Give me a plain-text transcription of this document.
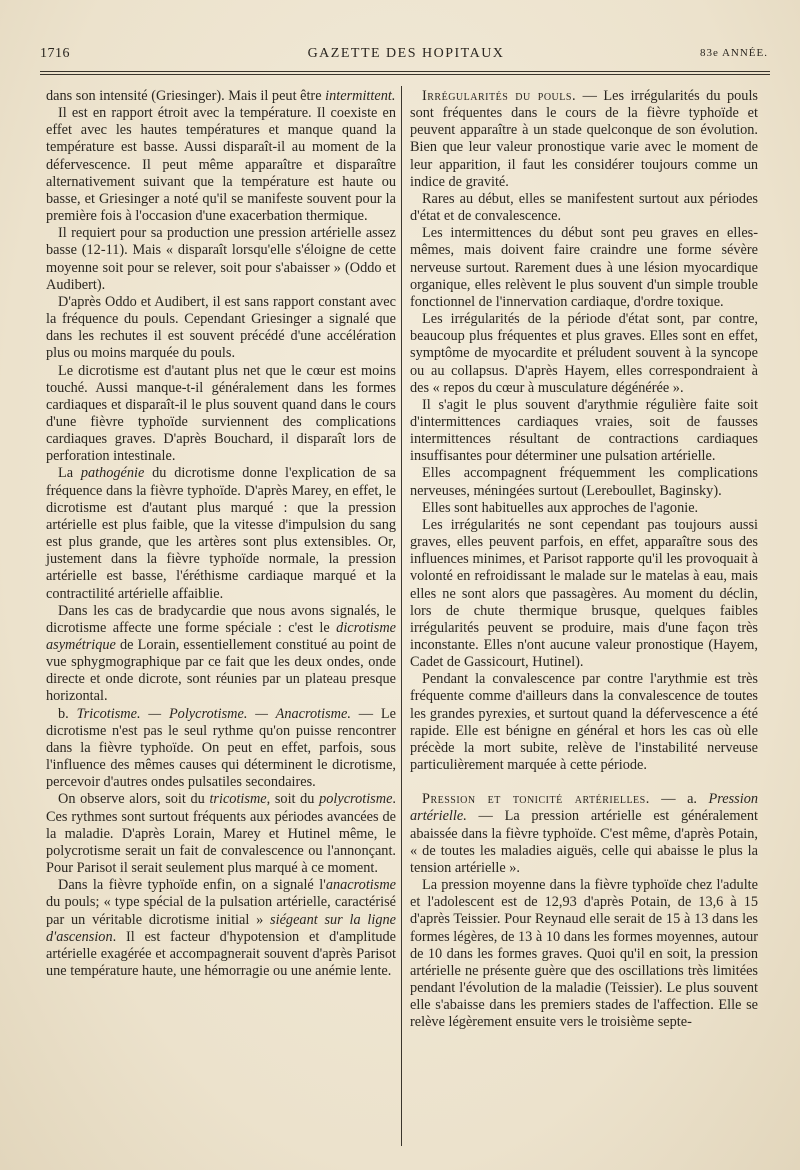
1716	GAZETTE DES HOPITAUX	83e ANNÉE.

dans son intensité (Griesinger). Mais il peut être intermittent.

Il est en rapport étroit avec la température. Il coexiste en effet avec les hautes températures et manque quand la température est basse. Aussi disparaît-il au moment de la défervescence. Il peut même apparaître et disparaître alternativement suivant que la température est haute ou basse, et Griesinger a noté qu'il se manifeste souvent pour la première fois à l'occasion d'une exacerbation thermique.

Il requiert pour sa production une pression artérielle assez basse (12-11). Mais « disparaît lorsqu'elle s'éloigne de cette moyenne soit pour se relever, soit pour s'abaisser » (Oddo et Audibert).

D'après Oddo et Audibert, il est sans rapport constant avec la fréquence du pouls. Cependant Griesinger a signalé que dans les rechutes il est souvent précédé d'une accélération plus ou moins marquée du pouls.

Le dicrotisme est d'autant plus net que le cœur est moins touché. Aussi manque-t-il généralement dans les formes cardiaques et disparaît-il le plus souvent quand dans le cours d'une fièvre typhoïde surviennent des complications cardiaques graves. D'après Bouchard, il disparaît lors de perforation intestinale.

La pathogénie du dicrotisme donne l'explication de sa fréquence dans la fièvre typhoïde. D'après Marey, en effet, le dicrotisme est d'autant plus marqué : que la pression artérielle est plus faible, que la vitesse d'impulsion du sang est plus grande, que les artères sont plus extensibles. Or, justement dans la fièvre typhoïde normale, la pression artérielle est basse, l'éréthisme cardiaque marqué et la contractilité artérielle affaiblie.

Dans les cas de bradycardie que nous avons signalés, le dicrotisme affecte une forme spéciale : c'est le dicrotisme asymétrique de Lorain, essentiellement constitué au point de vue sphygmographique par ce fait que les deux ondes, onde directe et onde dicrote, sont réunies par un plateau presque horizontal.

b. Tricotisme. — Polycrotisme. — Anacrotisme. — Le dicrotisme n'est pas le seul rythme qu'on puisse rencontrer dans la fièvre typhoïde. On peut en effet, parfois, sous l'influence des mêmes causes qui déterminent le dicrotisme, percevoir d'autres ondes pulsatiles secondaires.

On observe alors, soit du tricotisme, soit du polycrotisme. Ces rythmes sont surtout fréquents aux périodes avancées de la maladie. D'après Lorain, Marey et Hutinel même, le polycrotisme serait un fait de convalescence ou l'annonçant. Pour Parisot il serait seulement plus marqué à ce moment.

Dans la fièvre typhoïde enfin, on a signalé l'anacrotisme du pouls; « type spécial de la pulsation artérielle, caractérisé par un véritable dicrotisme initial » siégeant sur la ligne d'ascension. Il est facteur d'hypotension et d'amplitude artérielle exagérée et accompagnerait souvent d'après Parisot une température haute, une hémorragie ou une anémie lente.

Irrégularités du pouls. — Les irrégularités du pouls sont fréquentes dans le cours de la fièvre typhoïde et peuvent apparaître à un stade quelconque de son évolution. Bien que leur valeur pronostique varie avec le moment de leur apparition, il faut les considérer toujours comme un indice de gravité.

Rares au début, elles se manifestent surtout aux périodes d'état et de convalescence.

Les intermittences du début sont peu graves en elles-mêmes, mais doivent faire craindre une forme sévère nerveuse surtout. Rarement dues à une lésion myocardique organique, elles relèvent le plus souvent d'un simple trouble fonctionnel de l'innervation cardiaque, d'ordre toxique.

Les irrégularités de la période d'état sont, par contre, beaucoup plus fréquentes et plus graves. Elles sont en effet, symptôme de myocardite et préludent souvent à la syncope ou au collapsus. D'après Hayem, elles correspondraient à des « repos du cœur à musculature dégénérée ».

Il s'agit le plus souvent d'arythmie régulière faite soit d'intermittences cardiaques vraies, soit de fausses intermittences résultant de contractions cardiaques insuffisantes pour déterminer une pulsation artérielle.

Elles accompagnent fréquemment les complications nerveuses, méningées surtout (Lereboullet, Baginsky).

Elles sont habituelles aux approches de l'agonie.

Les irrégularités ne sont cependant pas toujours aussi graves, elles peuvent parfois, en effet, apparaître sous des influences minimes, et Parisot rapporte qu'il les provoquait à volonté en refroidissant le malade sur le matelas à eau, mais elles ne sont alors que passagères. Au moment du déclin, lors de chute thermique brusque, quelques faibles irrégularités peuvent se produire, mais d'une façon très inconstante. Elles n'ont aucune valeur pronostique (Hayem, Cadet de Gassicourt, Hutinel).

Pendant la convalescence par contre l'arythmie est très fréquente comme d'ailleurs dans la convalescence de toutes les grandes pyrexies, et surtout quand la défervescence a été rapide. Elle est bénigne en général et hors les cas où elle précède la mort subite, relève de l'instabilité nerveuse particulièrement marquée à cette période.

Pression et tonicité artérielles. — a. Pression artérielle. — La pression artérielle est généralement abaissée dans la fièvre typhoïde. C'est même, d'après Potain, « de toutes les maladies aiguës, celle qui abaisse le plus la tension artérielle ».

La pression moyenne dans la fièvre typhoïde chez l'adulte et l'adolescent est de 12,93 d'après Potain, de 13,6 à 15 d'après Teissier. Pour Reynaud elle serait de 15 à 13 dans les formes légères, de 13 à 10 dans les formes moyennes, autour de 10 dans les formes graves. Quoi qu'il en soit, la pression artérielle ne présente guère que des oscillations très limitées pendant l'évolution de la maladie (Teissier). Le plus souvent elle s'abaisse dans les premiers stades de l'affection. Elle se relève légèrement ensuite vers le troisième septe-
